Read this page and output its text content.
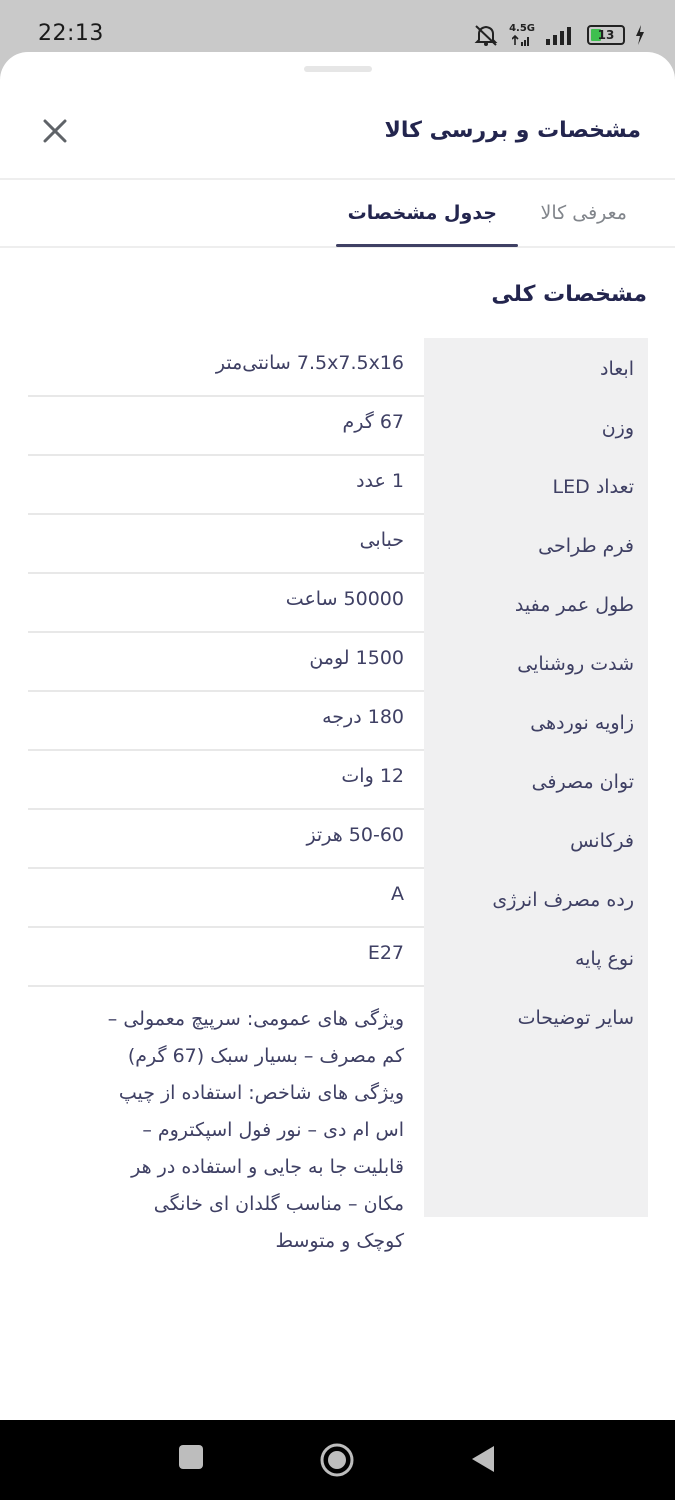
22:13	4.5G	13
مشخصات و بررسی کالا
معرفی کالا
جدول مشخصات
مشخصات کلی
ابعاد
7.5x7.5x16 سانتی‌متر
وزن
67 گرم
تعداد LED
1 عدد
فرم طراحی
حبابی
طول عمر مفید
50000 ساعت
شدت روشنایی
1500 لومن
زاویه نوردهی
180 درجه
توان مصرفی
12 وات
فرکانس
50-60 هرتز
رده مصرف انرژی
A
نوع پایه
E27
سایر توضیحات
ویژگی های عمومی: سرپیچ معمولی – کم مصرف – بسیار سبک (67 گرم) ویژگی های شاخص: استفاده از چیپ اس ام دی – نور فول اسپکتروم – قابلیت جا به جایی و استفاده در هر مکان – مناسب گلدان ای خانگی کوچک و متوسط
